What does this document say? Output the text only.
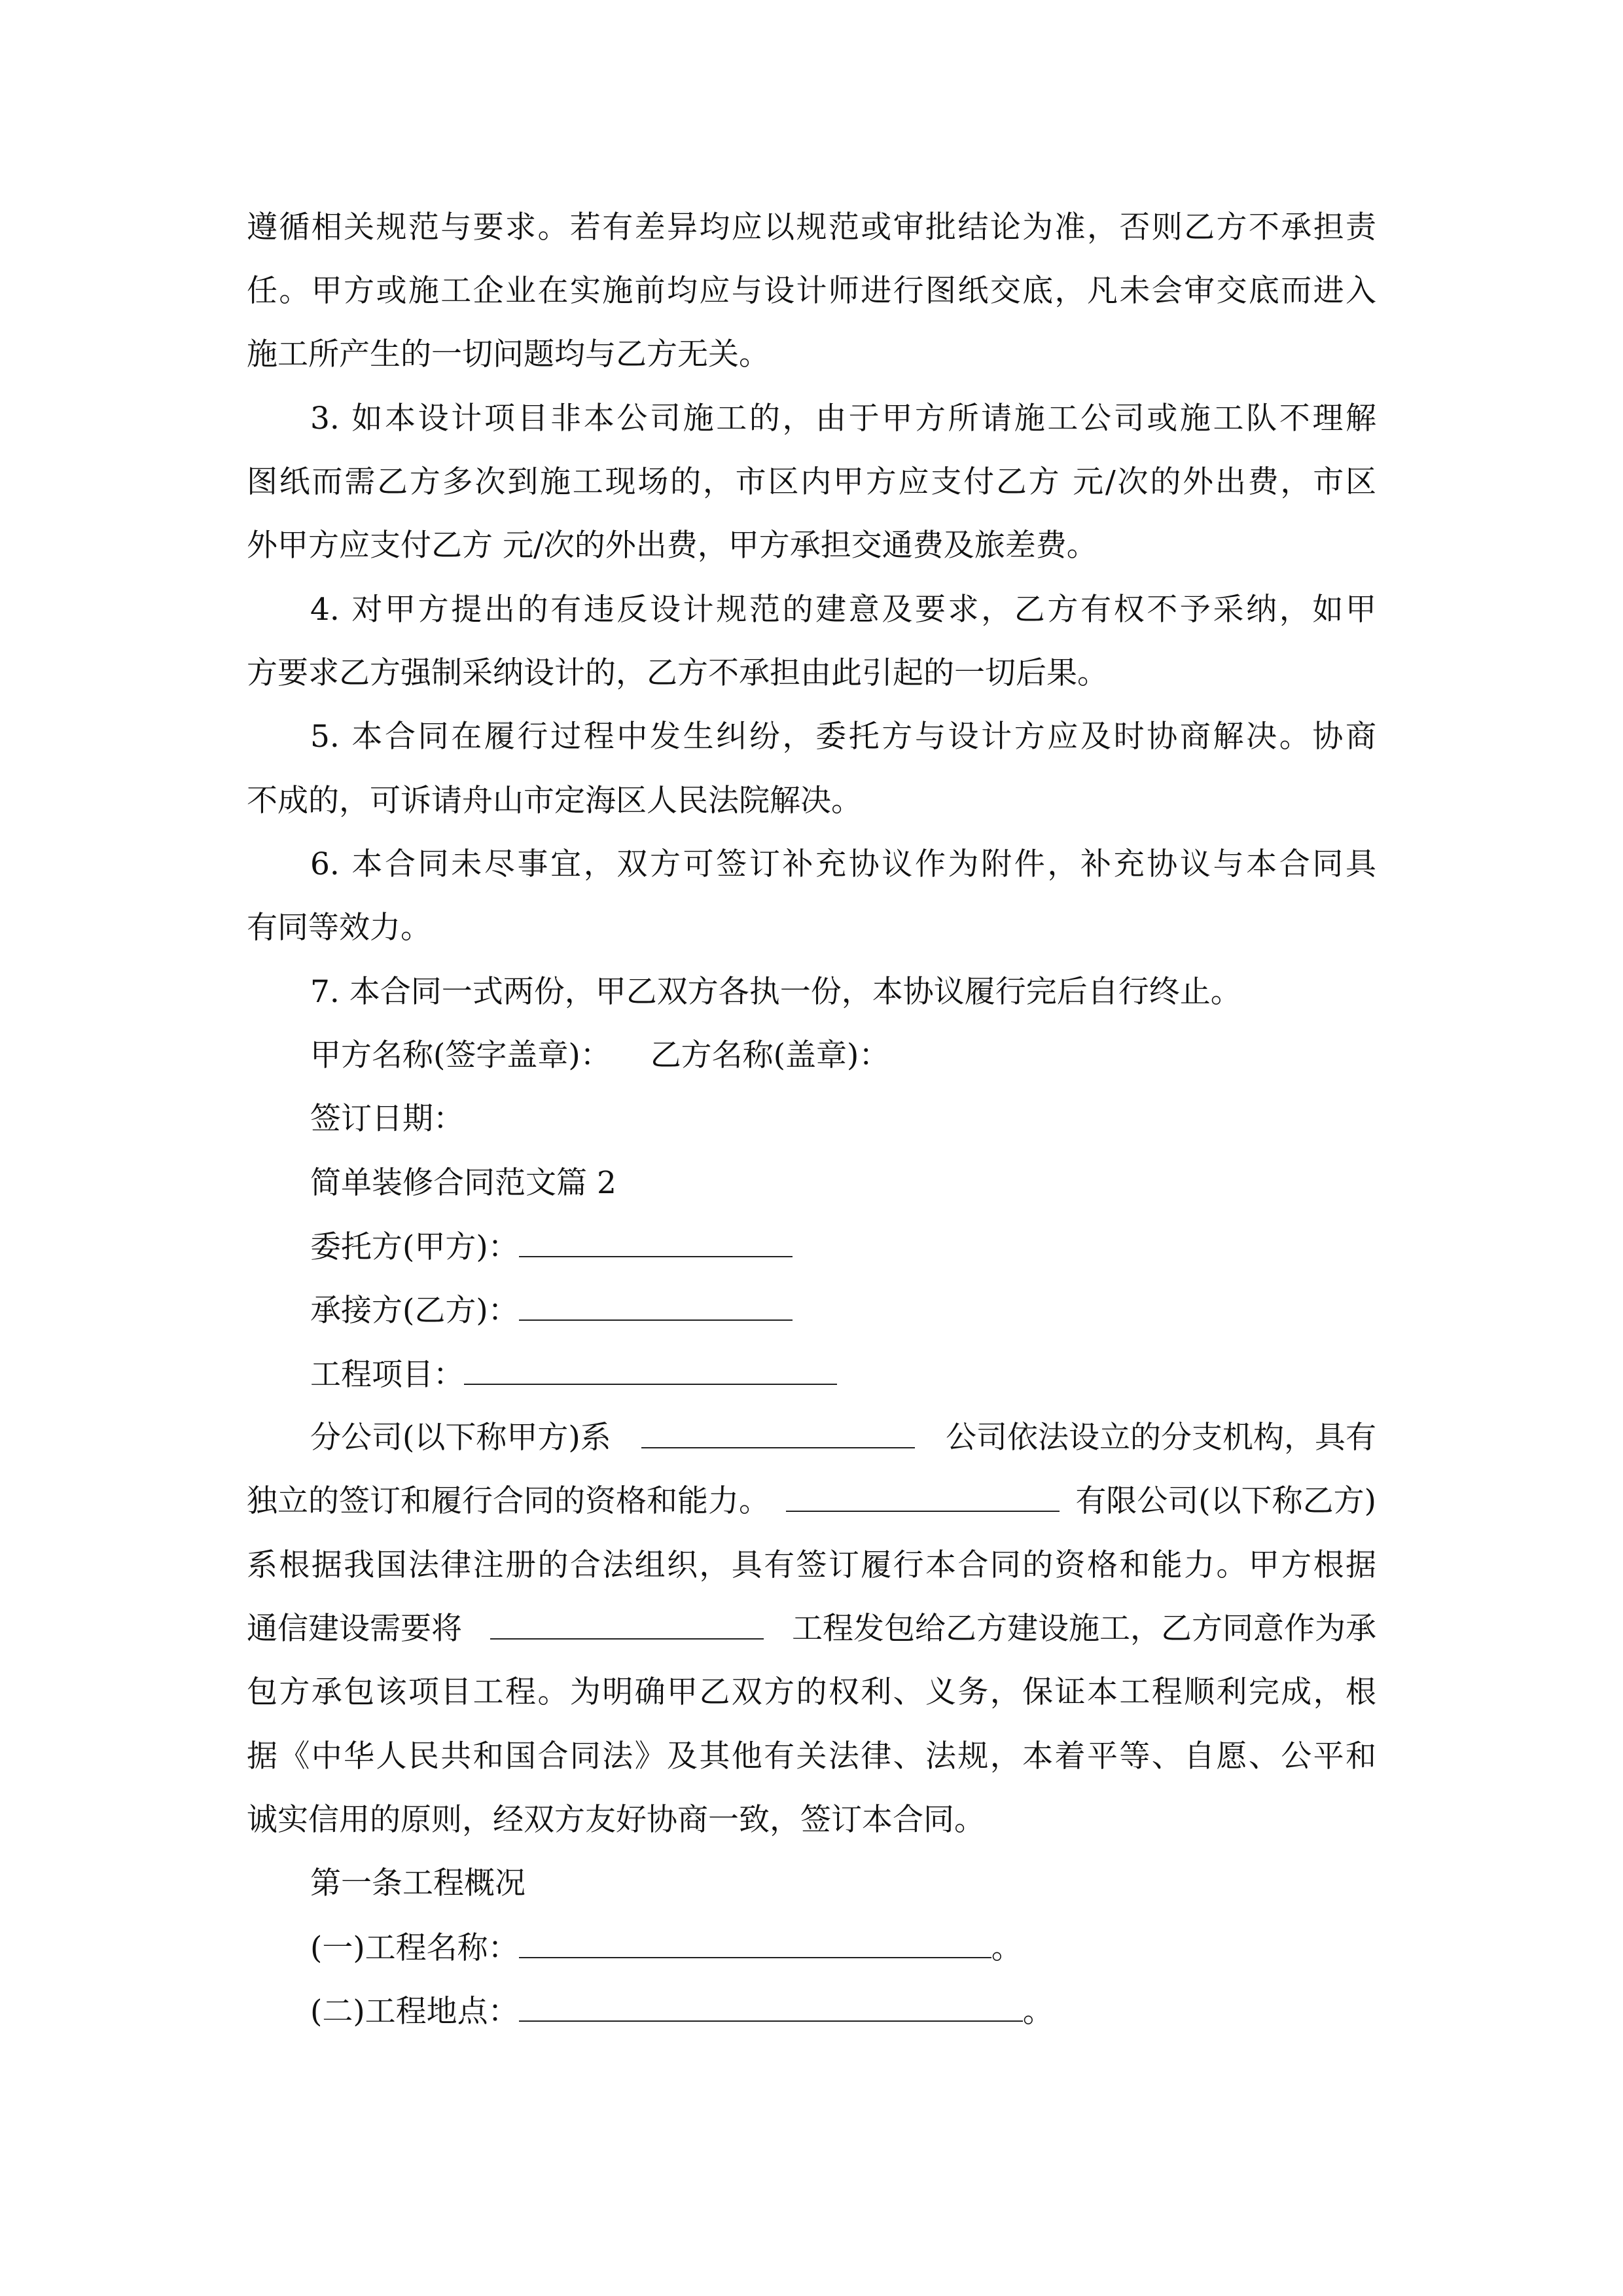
遵循相关规范与要求。若有差异均应以规范或审批结论为准，否则乙方不承担责
任。甲方或施工企业在实施前均应与设计师进行图纸交底，凡未会审交底而进入
施工所产生的一切问题均与乙方无关。
3. 如本设计项目非本公司施工的，由于甲方所请施工公司或施工队不理解
图纸而需乙方多次到施工现场的，市区内甲方应支付乙方 元/次的外出费，市区
外甲方应支付乙方 元/次的外出费，甲方承担交通费及旅差费。
4. 对甲方提出的有违反设计规范的建意及要求，乙方有权不予采纳，如甲
方要求乙方强制采纳设计的，乙方不承担由此引起的一切后果。
5. 本合同在履行过程中发生纠纷，委托方与设计方应及时协商解决。协商
不成的，可诉请舟山市定海区人民法院解决。
6. 本合同未尽事宜，双方可签订补充协议作为附件，补充协议与本合同具
有同等效力。
7. 本合同一式两份，甲乙双方各执一份，本协议履行完后自行终止。
甲方名称(签字盖章)： 乙方名称(盖章)：
签订日期：
简单装修合同范文篇 2
委托方(甲方)：
承接方(乙方)：
工程项目：
分公司(以下称甲方)系	公司依法设立的分支机构，具有
独立的签订和履行合同的资格和能力。	有限公司(以下称乙方)
系根据我国法律注册的合法组织，具有签订履行本合同的资格和能力。甲方根据
通信建设需要将	工程发包给乙方建设施工，乙方同意作为承
包方承包该项目工程。为明确甲乙双方的权利、义务，保证本工程顺利完成，根
据《中华人民共和国合同法》及其他有关法律、法规，本着平等、自愿、公平和
诚实信用的原则，经双方友好协商一致，签订本合同。
第一条工程概况
(一)工程名称：	。
(二)工程地点：	。
